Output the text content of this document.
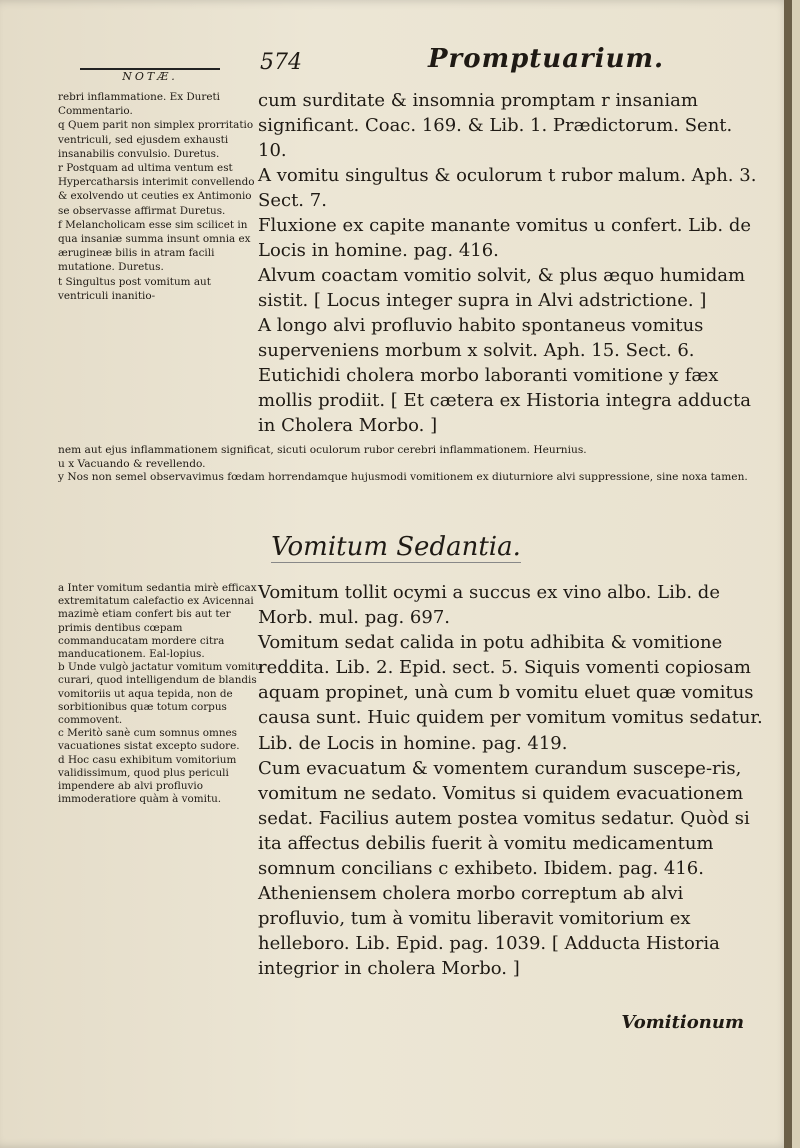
NOTÆ.
574	Promptuarium.

rebri inflammatione. Ex Dureti Commentario.

q Quem parit non simplex prorritatio ventriculi, sed ejusdem exhausti insanabilis convulsio. Duretus.

r Postquam ad ultima ventum est Hypercatharsis interimit convellendo & exolvendo ut ceuties ex Antimonio se observasse affirmat Duretus.

f Melancholicam esse sim scilicet in qua insaniæ summa insunt omnia ex ærugineæ bilis in atram facili mutatione. Duretus.

t Singultus post vomitum aut ventriculi inanitio-

cum surditate & insomnia promptam r insaniam significant. Coac. 169. & Lib. 1. Prædictorum. Sent. 10.

A vomitu singultus & oculorum t rubor malum. Aph. 3. Sect. 7.

Fluxione ex capite manante vomitus u confert. Lib. de Locis in homine. pag. 416.

Alvum coactam vomitio solvit, & plus æquo humidam sistit. [ Locus integer supra in Alvi adstrictione. ]

A longo alvi profluvio habito spontaneus vomitus superveniens morbum x solvit. Aph. 15. Sect. 6.

Eutichidi cholera morbo laboranti vomitione y fæx mollis prodiit. [ Et cætera ex Historia integra adducta in Cholera Morbo. ]

nem aut ejus inflammationem significat, sicuti oculorum rubor cerebri inflammationem. Heurnius.

u x Vacuando & revellendo.

y Nos non semel observavimus fœdam horrendamque hujusmodi vomitionem ex diuturniore alvi suppressione, sine noxa tamen.

Vomitum Sedantia.

a Inter vomitum sedantia mirè efficax extremitatum calefactio ex Avicennai mazimè etiam confert bis aut ter primis dentibus cœpam commanducatam mordere citra manducationem. Eal-lopius.

b Unde vulgò jactatur vomitum vomitu curari, quod intelligendum de blandis vomitoriis ut aqua tepida, non de sorbitionibus quæ totum corpus commovent.

c Meritò sanè cum somnus omnes vacuationes sistat excepto sudore.

d Hoc casu exhibitum vomitorium validissimum, quod plus periculi impendere ab alvi profluvio immoderatiore quàm à vomitu.

Vomitum tollit ocymi a succus ex vino albo. Lib. de Morb. mul. pag. 697.

Vomitum sedat calida in potu adhibita & vomitione reddita. Lib. 2. Epid. sect. 5. Siquis vomenti copiosam aquam propinet, unà cum b vomitu eluet quæ vomitus causa sunt. Huic quidem per vomitum vomitus sedatur. Lib. de Locis in homine. pag. 419.

Cum evacuatum & vomentem curandum suscepe-ris, vomitum ne sedato. Vomitus si quidem evacuationem sedat. Facilius autem postea vomitus sedatur. Quòd si ita affectus debilis fuerit à vomitu medicamentum somnum concilians c exhibeto. Ibidem. pag. 416.

Atheniensem cholera morbo correptum ab alvi profluvio, tum à vomitu liberavit vomitorium ex helleboro. Lib. Epid. pag. 1039. [ Adducta Historia integrior in cholera Morbo. ]

Vomitionum
